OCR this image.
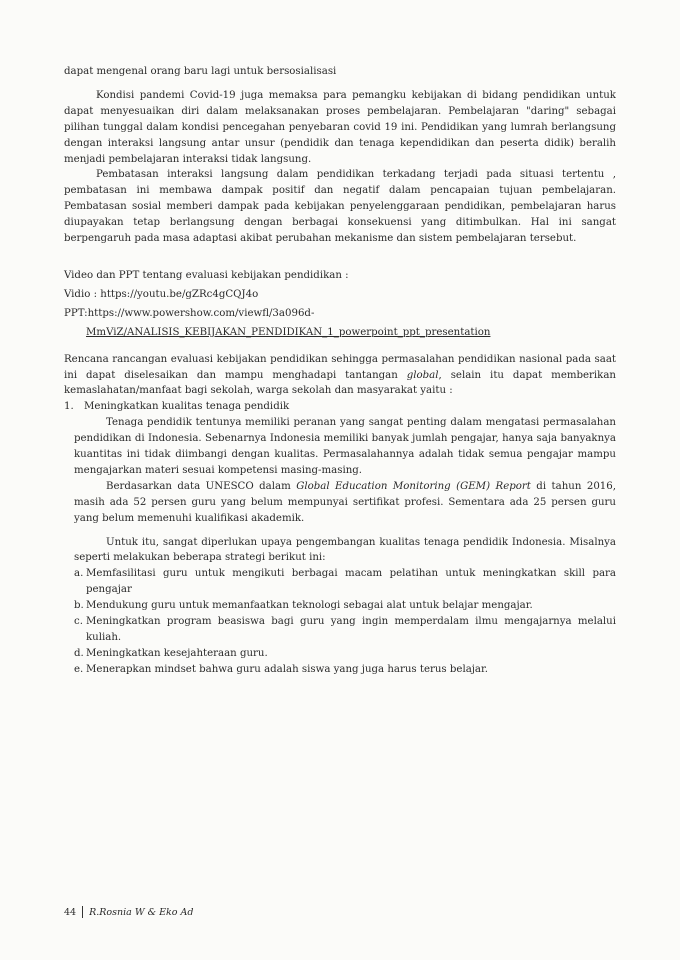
dapat mengenal orang baru lagi untuk bersosialisasi

Kondisi pandemi Covid-19 juga memaksa para pemangku kebijakan di bidang pendidikan untuk dapat menyesuaikan diri dalam melaksanakan proses pembelajaran. Pembelajaran "daring" sebagai pilihan tunggal dalam kondisi pencegahan penyebaran covid 19 ini. Pendidikan yang lumrah berlangsung dengan interaksi langsung antar unsur (pendidik dan tenaga kependidikan dan peserta didik) beralih menjadi pembelajaran interaksi tidak langsung.

Pembatasan interaksi langsung dalam pendidikan terkadang terjadi pada situasi tertentu , pembatasan ini membawa dampak positif dan negatif dalam pencapaian tujuan pembelajaran. Pembatasan sosial memberi dampak pada kebijakan penyelenggaraan pendidikan, pembelajaran harus diupayakan tetap berlangsung dengan berbagai konsekuensi yang ditimbulkan. Hal ini sangat berpengaruh pada masa adaptasi akibat perubahan mekanisme dan sistem pembelajaran tersebut.

Video dan PPT tentang evaluasi kebijakan pendidikan :

Vidio : https://youtu.be/gZRc4gCQJ4o

PPT:https://www.powershow.com/viewfl/3a096d-

MmViZ/ANALISIS_KEBIJAKAN_PENDIDIKAN_1_powerpoint_ppt_presentation

Rencana rancangan evaluasi kebijakan pendidikan sehingga permasalahan pendidikan nasional pada saat ini dapat diselesaikan dan mampu menghadapi tantangan global, selain itu dapat memberikan kemaslahatan/manfaat bagi sekolah, warga sekolah dan masyarakat yaitu :

1.	Meningkatkan kualitas tenaga pendidik

Tenaga pendidik tentunya memiliki peranan yang sangat penting dalam mengatasi permasalahan pendidikan di Indonesia. Sebenarnya Indonesia memiliki banyak jumlah pengajar, hanya saja banyaknya kuantitas ini tidak diimbangi dengan kualitas. Permasalahannya adalah tidak semua pengajar mampu mengajarkan materi sesuai kompetensi masing-masing.

Berdasarkan data UNESCO dalam Global Education Monitoring (GEM) Report di tahun 2016, masih ada 52 persen guru yang belum mempunyai sertifikat profesi. Sementara ada 25 persen guru yang belum memenuhi kualifikasi akademik.

Untuk itu, sangat diperlukan upaya pengembangan kualitas tenaga pendidik Indonesia. Misalnya seperti melakukan beberapa strategi berikut ini:

a. Memfasilitasi guru untuk mengikuti berbagai macam pelatihan untuk meningkatkan skill para pengajar
b. Mendukung guru untuk memanfaatkan teknologi sebagai alat untuk belajar mengajar.
c. Meningkatkan program beasiswa bagi guru yang ingin memperdalam ilmu mengajarnya melalui kuliah.
d. Meningkatkan kesejahteraan guru.
e. Menerapkan mindset bahwa guru adalah siswa yang juga harus terus belajar.
44 R.Rosnia W & Eko Ad
